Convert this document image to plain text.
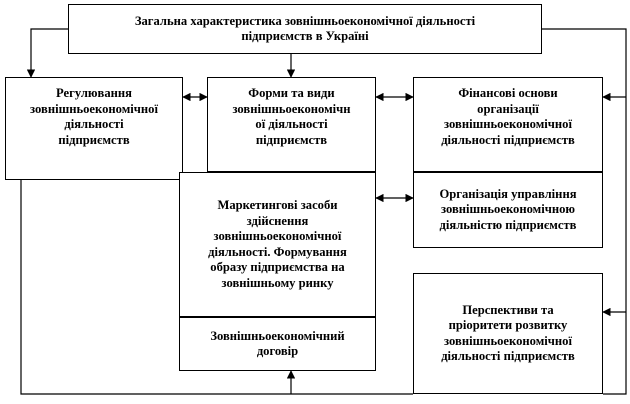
Загальна характеристика зовнішньоекономічної діяльності
підприємств в Україні
Регулювання
зовнішньоекономічної
діяльності
підприємств
Форми та види
зовнішньоекономічн
ої діяльності
підприємств
Фінансові основи
організації
зовнішньоекономічної
діяльності підприємств
Маркетингові засоби
здійснення
зовнішньоекономічної
діяльності. Формування
образу підприємства на
зовнішньому ринку
Організація управління
зовнішньоекономічною
діяльністю підприємств
Зовнішньоекономічний
договір
Перспективи та
пріоритети розвитку
зовнішньоекономічної
діяльності підприємств
